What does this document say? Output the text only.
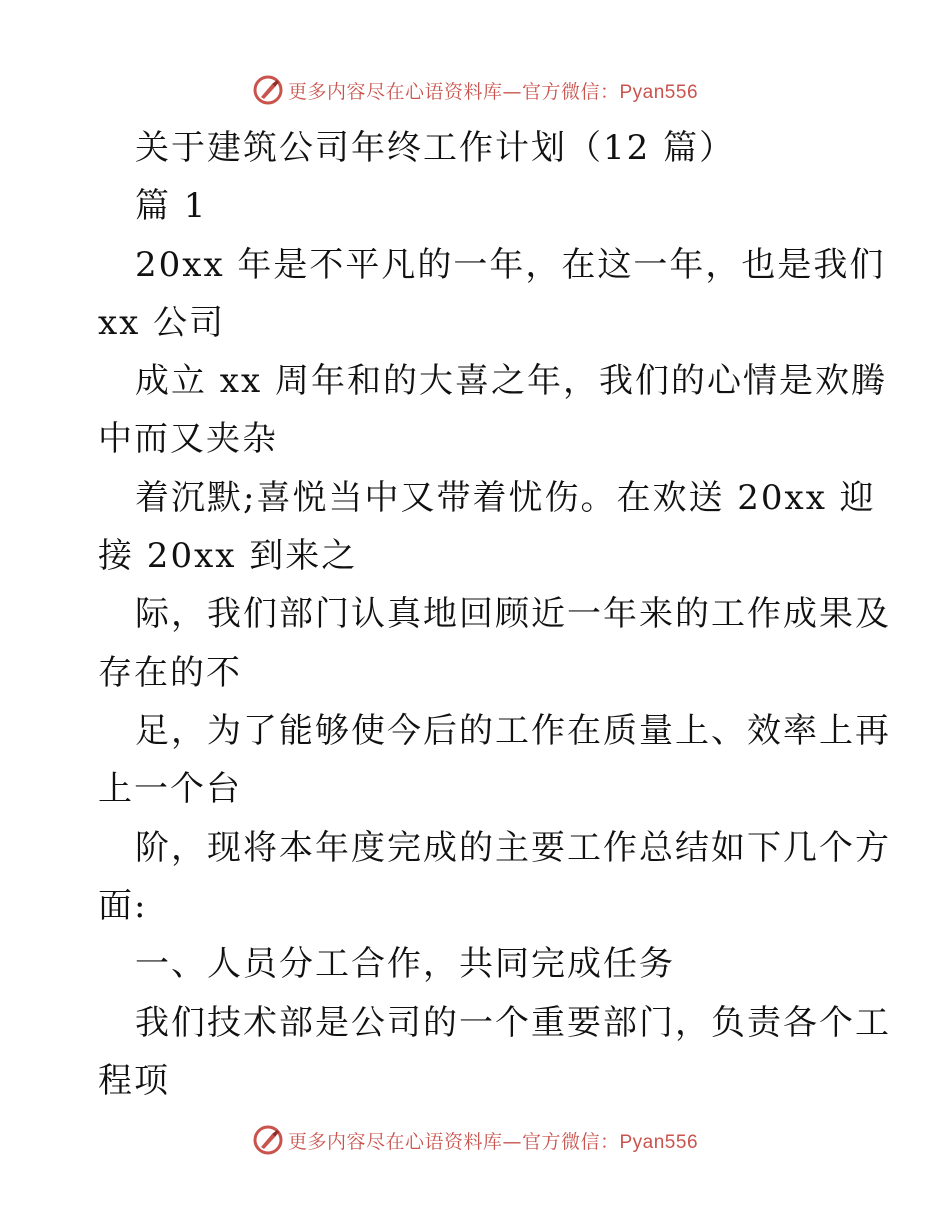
更多内容尽在心语资料库—官方微信：Pyan556
关于建筑公司年终工作计划（12 篇）
篇 1
20xx 年是不平凡的一年，在这一年，也是我们
xx 公司
成立 xx 周年和的大喜之年，我们的心情是欢腾
中而又夹杂
着沉默;喜悦当中又带着忧伤。在欢送 20xx 迎
接 20xx 到来之
际，我们部门认真地回顾近一年来的工作成果及
存在的不
足，为了能够使今后的工作在质量上、效率上再
上一个台
阶，现将本年度完成的主要工作总结如下几个方
面:
一、人员分工合作，共同完成任务
我们技术部是公司的一个重要部门，负责各个工
程项
更多内容尽在心语资料库—官方微信：Pyan556
